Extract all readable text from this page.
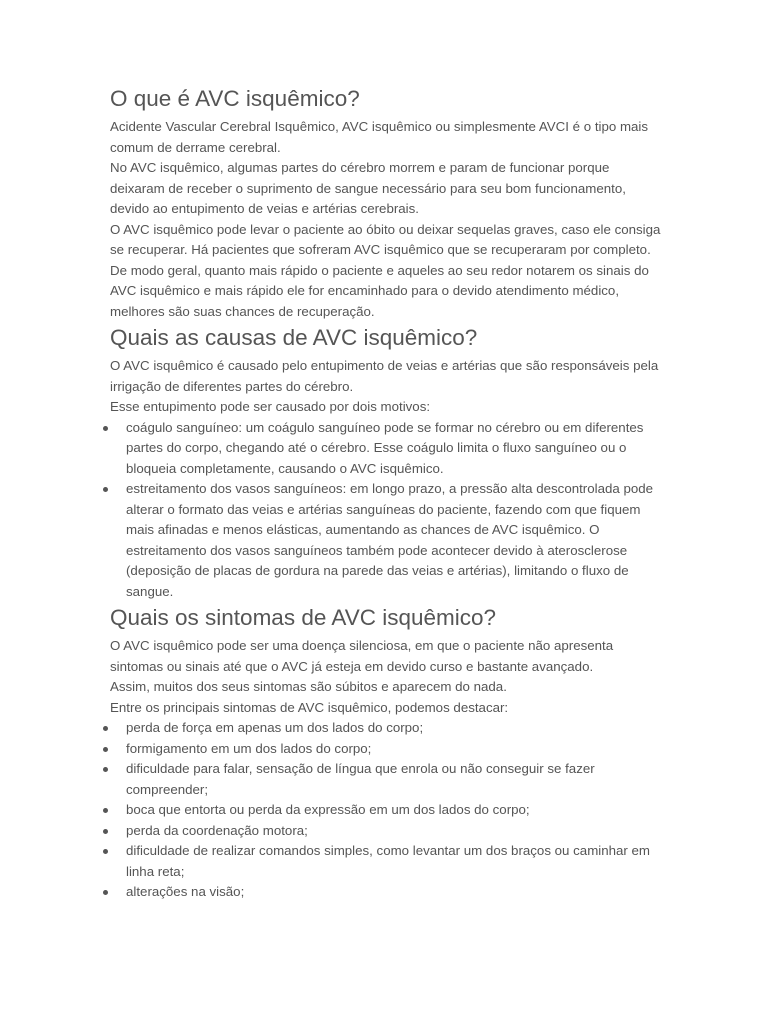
O que é AVC isquêmico?

Acidente Vascular Cerebral Isquêmico, AVC isquêmico ou simplesmente AVCI é o tipo mais comum de derrame cerebral.

No AVC isquêmico, algumas partes do cérebro morrem e param de funcionar porque deixaram de receber o suprimento de sangue necessário para seu bom funcionamento, devido ao entupimento de veias e artérias cerebrais.

O AVC isquêmico pode levar o paciente ao óbito ou deixar sequelas graves, caso ele consiga se recuperar. Há pacientes que sofreram AVC isquêmico que se recuperaram por completo.

De modo geral, quanto mais rápido o paciente e aqueles ao seu redor notarem os sinais do AVC isquêmico e mais rápido ele for encaminhado para o devido atendimento médico, melhores são suas chances de recuperação.

Quais as causas de AVC isquêmico?

O AVC isquêmico é causado pelo entupimento de veias e artérias que são responsáveis pela irrigação de diferentes partes do cérebro.

Esse entupimento pode ser causado por dois motivos:

coágulo sanguíneo: um coágulo sanguíneo pode se formar no cérebro ou em diferentes partes do corpo, chegando até o cérebro. Esse coágulo limita o fluxo sanguíneo ou o bloqueia completamente, causando o AVC isquêmico.
estreitamento dos vasos sanguíneos: em longo prazo, a pressão alta descontrolada pode alterar o formato das veias e artérias sanguíneas do paciente, fazendo com que fiquem mais afinadas e menos elásticas, aumentando as chances de AVC isquêmico. O estreitamento dos vasos sanguíneos também pode acontecer devido à aterosclerose (deposição de placas de gordura na parede das veias e artérias), limitando o fluxo de sangue.
Quais os sintomas de AVC isquêmico?

O AVC isquêmico pode ser uma doença silenciosa, em que o paciente não apresenta sintomas ou sinais até que o AVC já esteja em devido curso e bastante avançado.

Assim, muitos dos seus sintomas são súbitos e aparecem do nada.

Entre os principais sintomas de AVC isquêmico, podemos destacar:

perda de força em apenas um dos lados do corpo;
formigamento em um dos lados do corpo;
dificuldade para falar, sensação de língua que enrola ou não conseguir se fazer compreender;
boca que entorta ou perda da expressão em um dos lados do corpo;
perda da coordenação motora;
dificuldade de realizar comandos simples, como levantar um dos braços ou caminhar em linha reta;
alterações na visão;
